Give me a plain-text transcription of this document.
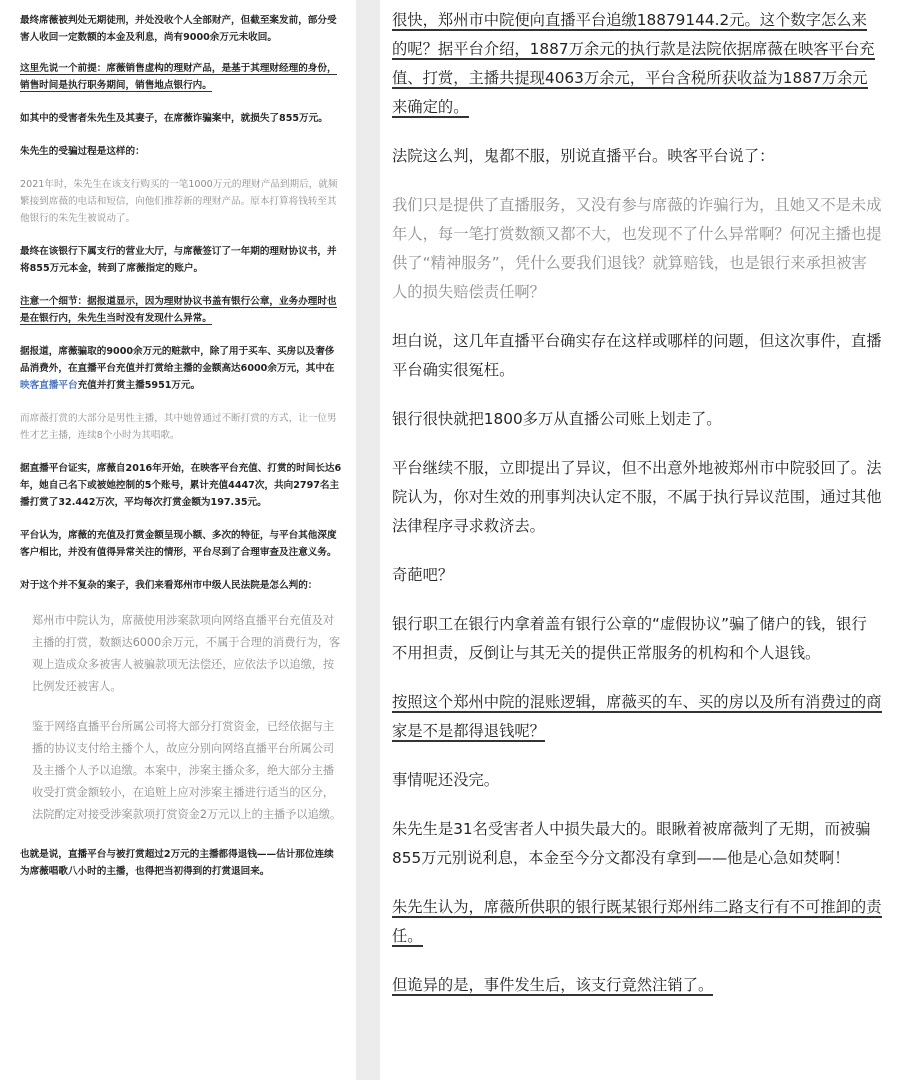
最终席薇被判处无期徒刑，并处没收个人全部财产，但截至案发前，部分受害人收回一定数额的本金及利息，尚有9000余万元未收回。

这里先说一个前提：席薇销售虚构的理财产品，是基于其理财经理的身份，销售时间是执行职务期间，销售地点银行内。

如其中的受害者朱先生及其妻子，在席薇诈骗案中，就损失了855万元。

朱先生的受骗过程是这样的：

2021年时，朱先生在该支行购买的一笔1000万元的理财产品到期后，就频繁接到席薇的电话和短信，向他们推荐新的理财产品。原本打算将钱转至其他银行的朱先生被说动了。

最终在该银行下属支行的营业大厅，与席薇签订了一年期的理财协议书，并将855万元本金，转到了席薇指定的账户。

注意一个细节：据报道显示，因为理财协议书盖有银行公章，业务办理时也是在银行内，朱先生当时没有发现什么异常。

据报道，席薇骗取的9000余万元的赃款中，除了用于买车、买房以及奢侈品消费外，在直播平台充值并打赏给主播的金额高达6000余万元，其中在映客直播平台充值并打赏主播5951万元。

而席薇打赏的大部分是男性主播，其中她曾通过不断打赏的方式，让一位男性才艺主播，连续8个小时为其唱歌。

据直播平台证实，席薇自2016年开始，在映客平台充值、打赏的时间长达6年，她自己名下或被她控制的5个账号，累计充值4447次，共向2797名主播打赏了32.442万次，平均每次打赏金额为197.35元。

平台认为，席薇的充值及打赏金额呈现小额、多次的特征，与平台其他深度客户相比，并没有值得异常关注的情形，平台尽到了合理审查及注意义务。

对于这个并不复杂的案子，我们来看郑州市中级人民法院是怎么判的：

郑州市中院认为，席薇使用涉案款项向网络直播平台充值及对主播的打赏，数额达6000余万元，不属于合理的消费行为，客观上造成众多被害人被骗款项无法偿还，应依法予以追缴，按比例发还被害人。

鉴于网络直播平台所属公司将大部分打赏资金，已经依据与主播的协议支付给主播个人，故应分别向网络直播平台所属公司及主播个人予以追缴。本案中，涉案主播众多，绝大部分主播收受打赏金额较小，在追赃上应对涉案主播进行适当的区分，法院酌定对接受涉案款项打赏资金2万元以上的主播予以追缴。

也就是说，直播平台与被打赏超过2万元的主播都得退钱——估计那位连续为席薇唱歌八小时的主播，也得把当初得到的打赏退回来。

很快，郑州市中院便向直播平台追缴18879144.2元。这个数字怎么来的呢？据平台介绍，1887万余元的执行款是法院依据席薇在映客平台充值、打赏，主播共提现4063万余元，平台含税所获收益为1887万余元来确定的。

法院这么判，鬼都不服，别说直播平台。映客平台说了：

我们只是提供了直播服务，又没有参与席薇的诈骗行为，且她又不是未成年人，每一笔打赏数额又都不大，也发现不了什么异常啊？何况主播也提供了“精神服务”，凭什么要我们退钱？就算赔钱，也是银行来承担被害人的损失赔偿责任啊？

坦白说，这几年直播平台确实存在这样或哪样的问题，但这次事件，直播平台确实很冤枉。

银行很快就把1800多万从直播公司账上划走了。

平台继续不服，立即提出了异议，但不出意外地被郑州市中院驳回了。法院认为，你对生效的刑事判决认定不服，不属于执行异议范围，通过其他法律程序寻求救济去。

奇葩吧？

银行职工在银行内拿着盖有银行公章的“虚假协议”骗了储户的钱，银行不用担责，反倒让与其无关的提供正常服务的机构和个人退钱。

按照这个郑州中院的混账逻辑，席薇买的车、买的房以及所有消费过的商家是不是都得退钱呢？

事情呢还没完。

朱先生是31名受害者人中损失最大的。眼瞅着被席薇判了无期，而被骗855万元别说利息，本金至今分文都没有拿到——他是心急如焚啊！

朱先生认为，席薇所供职的银行既某银行郑州纬二路支行有不可推卸的责任。

但诡异的是，事件发生后，该支行竟然注销了。
